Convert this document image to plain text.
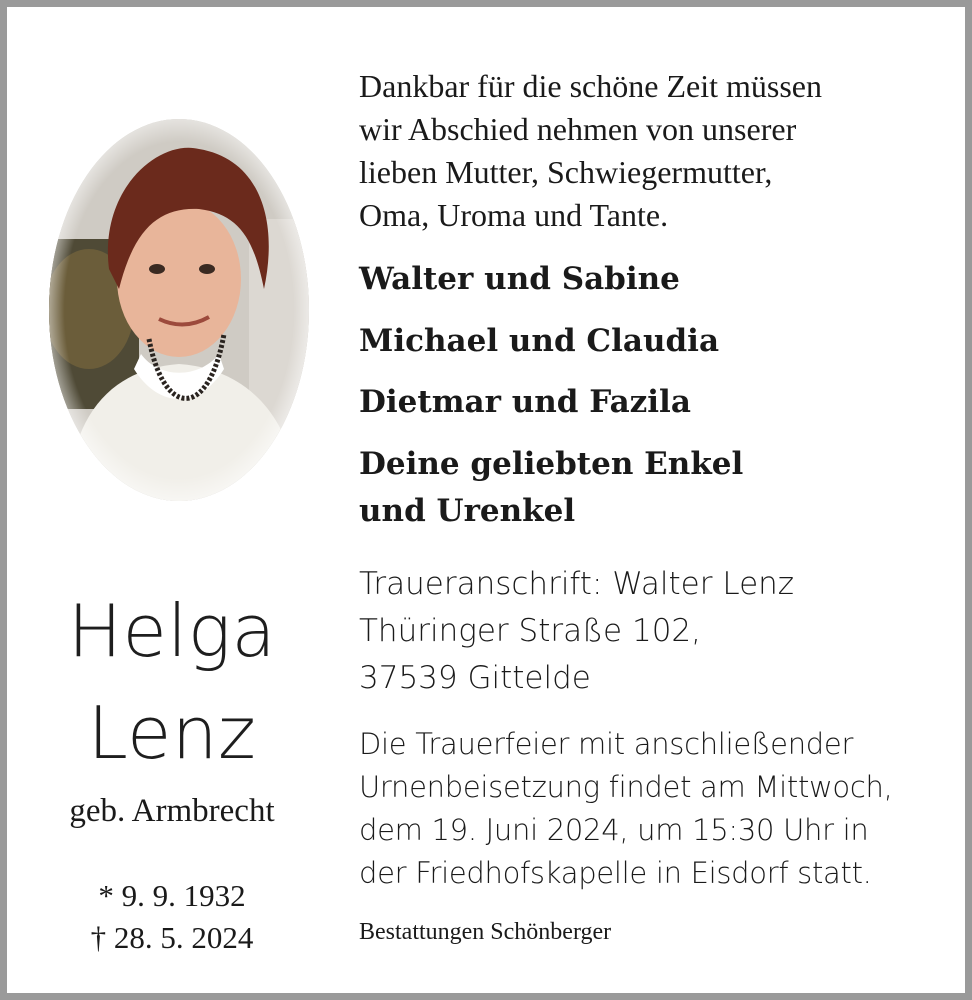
Helga
Lenz
geb. Armbrecht
* 9. 9. 1932
† 28. 5. 2024
Dankbar für die schöne Zeit müssen
wir Abschied nehmen von unserer
lieben Mutter, Schwiegermutter,
Oma, Uroma und Tante.
Walter und Sabine
Michael und Claudia
Dietmar und Fazila
Deine geliebten Enkel
und Urenkel
Traueranschrift: Walter Lenz
Thüringer Straße 102,
37539 Gittelde
Die Trauerfeier mit anschließender
Urnenbeisetzung findet am Mittwoch,
dem 19. Juni 2024, um 15:30 Uhr in
der Friedhofskapelle in Eisdorf statt.
Bestattungen Schönberger
